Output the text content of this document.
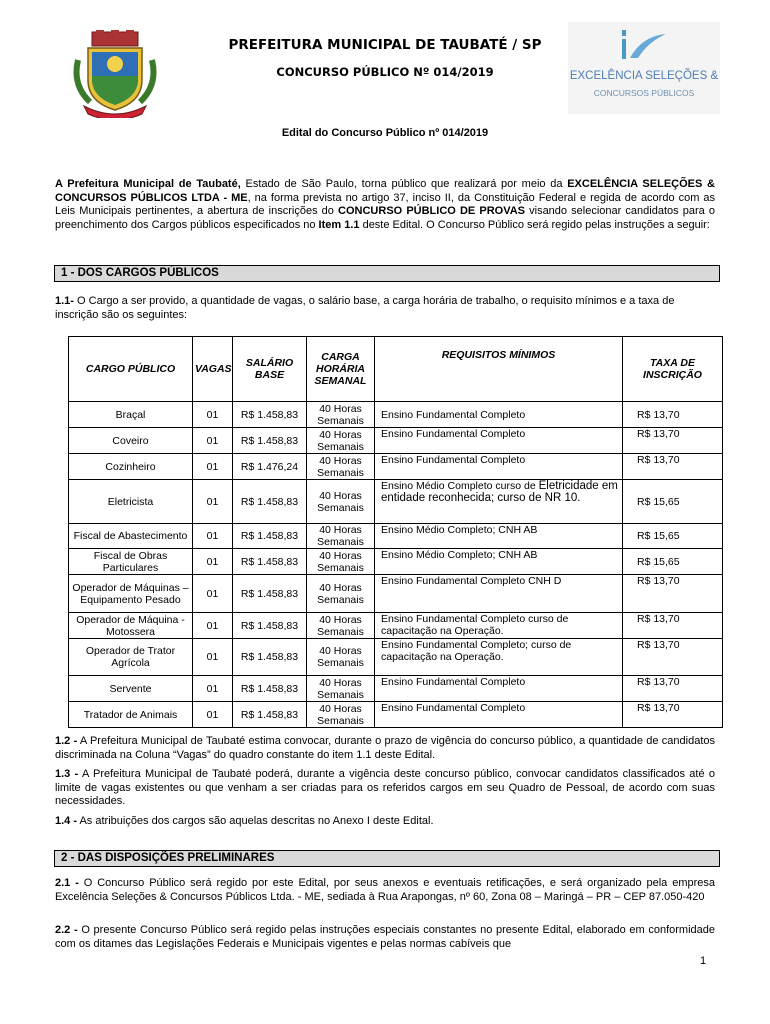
PREFEITURA MUNICIPAL DE TAUBATÉ / SP
CONCURSO PÚBLICO Nº 014/2019	EXCELÊNCIA SELEÇÕES &
CONCURSOS PÚBLICOS
Edital do Concurso Público nº 014/2019
A Prefeitura Municipal de Taubaté, Estado de São Paulo, torna público que realizará por meio da EXCELÊNCIA SELEÇÕES & CONCURSOS PÚBLICOS LTDA - ME, na forma prevista no artigo 37, inciso II, da Constituição Federal e regida de acordo com as Leis Municipais pertinentes, a abertura de inscrições do CONCURSO PÚBLICO DE PROVAS visando selecionar candidatos para o preenchimento dos Cargos públicos especificados no Item 1.1 deste Edital. O Concurso Público será regido pelas instruções a seguir:
1 - DOS CARGOS PÚBLICOS
1.1- O Cargo a ser provido, a quantidade de vagas, o salário base, a carga horária de trabalho, o requisito mínimos e a taxa de inscrição são os seguintes:
CARGO PÚBLICO	VAGAS	SALÁRIO BASE	CARGA HORÁRIA SEMANAL	REQUISITOS MÍNIMOS	TAXA DE INSCRIÇÃO
Braçal	01	R$ 1.458,83	40 Horas Semanais	Ensino Fundamental Completo	R$ 13,70
Coveiro	01	R$ 1.458,83	40 Horas Semanais	Ensino Fundamental Completo	R$ 13,70
Cozinheiro	01	R$ 1.476,24	40 Horas Semanais	Ensino Fundamental Completo	R$ 13,70
Eletricista	01	R$ 1.458,83	40 Horas Semanais	Ensino Médio Completo curso de Eletricidade em entidade reconhecida; curso de NR 10.	R$ 15,65
Fiscal de Abastecimento	01	R$ 1.458,83	40 Horas Semanais	Ensino Médio Completo; CNH AB	R$ 15,65
Fiscal de Obras Particulares	01	R$ 1.458,83	40 Horas Semanais	Ensino Médio Completo; CNH AB	R$ 15,65
Operador de Máquinas – Equipamento Pesado	01	R$ 1.458,83	40 Horas Semanais	Ensino Fundamental Completo CNH D	R$ 13,70
Operador de Máquina -Motossera	01	R$ 1.458,83	40 Horas Semanais	Ensino Fundamental Completo curso de capacitação na Operação.	R$ 13,70
Operador de Trator Agrícola	01	R$ 1.458,83	40 Horas Semanais	Ensino Fundamental Completo; curso de capacitação na Operação.	R$ 13,70
Servente	01	R$ 1.458,83	40 Horas Semanais	Ensino Fundamental Completo	R$ 13,70
Tratador de Animais	01	R$ 1.458,83	40 Horas Semanais	Ensino Fundamental Completo	R$ 13,70
1.2 - A Prefeitura Municipal de Taubaté estima convocar, durante o prazo de vigência do concurso público, a quantidade de candidatos discriminada na Coluna “Vagas” do quadro constante do item 1.1 deste Edital.
1.3 - A Prefeitura Municipal de Taubaté poderá, durante a vigência deste concurso público, convocar candidatos classificados até o limite de vagas existentes ou que venham a ser criadas para os referidos cargos em seu Quadro de Pessoal, de acordo com suas necessidades.
1.4 - As atribuições dos cargos são aquelas descritas no Anexo I deste Edital.
2 - DAS DISPOSIÇÕES PRELIMINARES
2.1 - O Concurso Público será regido por este Edital, por seus anexos e eventuais retificações, e será organizado pela empresa Excelência Seleções & Concursos Públicos Ltda. - ME, sediada à Rua Arapongas, nº 60, Zona 08 – Maringá – PR – CEP 87.050-420
2.2 - O presente Concurso Público será regido pelas instruções especiais constantes no presente Edital, elaborado em conformidade com os ditames das Legislações Federais e Municipais vigentes e pelas normas cabíveis que
1
